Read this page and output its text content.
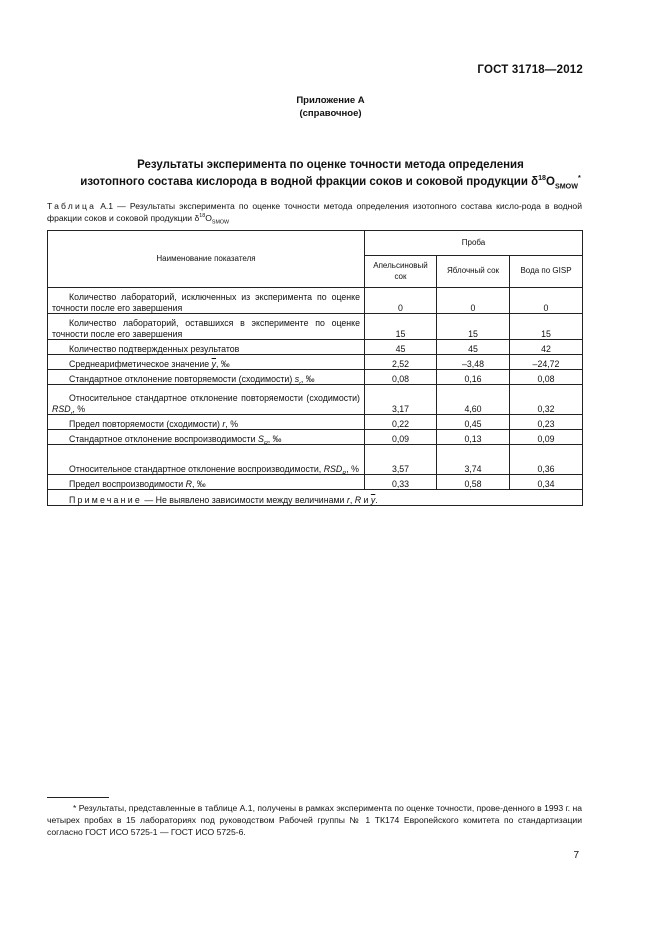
ГОСТ 31718—2012
Приложение А
(справочное)
Результаты эксперимента по оценке точности метода определения
изотопного состава кислорода в водной фракции соков и соковой продукции $\delta^{18}O_{SMOW}^*$
Таблица А.1 — Результаты эксперимента по оценке точности метода определения изотопного состава кисло-рода в водной фракции соков и соковой продукции $\delta^{18}O_{SMOW}$
Наименование показателя	Проба		
	Апельсиновый сок	Яблочный сок	Вода по GISP
Количество лабораторий, исключенных из эксперимента по оценке точности после его завершения	0	0	0
Количество лабораторий, оставшихся в эксперименте по оценке точности после его завершения	15	15	15
Количество подтвержденных результатов	45	45	42
Среднеарифметическое значение $\overline{y}$, ‰	2,52	–3,48	–24,72
Стандартное отклонение повторяемости (сходимости) $s_r$, ‰	0,08	0,16	0,08
Относительное стандартное отклонение повторяемости (сходимости) $RSD_r$, %	3,17	4,60	0,32
Предел повторяемости (сходимости) r, %	0,22	0,45	0,23
Стандартное отклонение воспроизводимости $S_R$, ‰	0,09	0,13	0,09
Относительное стандартное отклонение воспроизводимости, $RSD_R$, %	3,57	3,74	0,36
Предел воспроизводимости R, ‰	0,33	0,58	0,34
Примечание — Не выявлено зависимости между величинами r, R и $\overline{y}$.			
* Результаты, представленные в таблице А.1, получены в рамках эксперимента по оценке точности, прове-денного в 1993 г. на четырех пробах в 15 лабораториях под руководством Рабочей группы № 1 ТК174 Европейского комитета по стандартизации согласно ГОСТ ИСО 5725-1 — ГОСТ ИСО 5725-6.
7
